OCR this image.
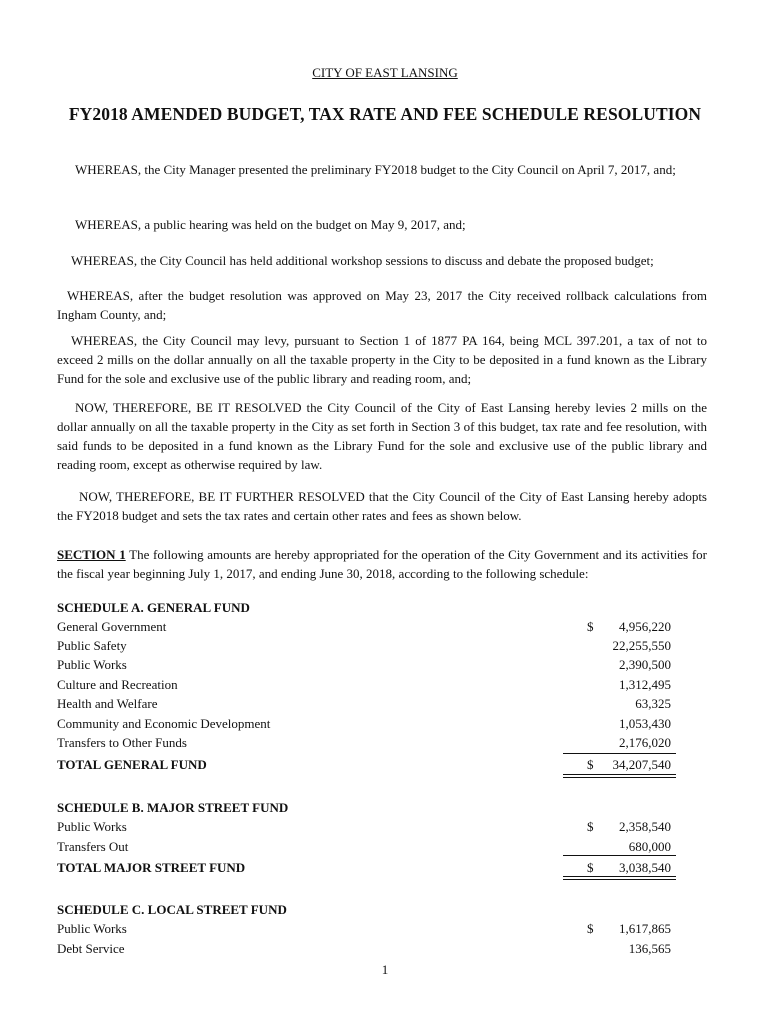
CITY OF EAST LANSING
FY2018 AMENDED BUDGET, TAX RATE AND FEE SCHEDULE RESOLUTION
WHEREAS, the City Manager presented the preliminary FY2018 budget to the City Council on April 7, 2017, and;
WHEREAS, a public hearing was held on the budget on May 9, 2017, and;
WHEREAS, the City Council has held additional workshop sessions to discuss and debate the proposed budget;
WHEREAS, after the budget resolution was approved on May 23, 2017 the City received rollback calculations from Ingham County, and;
WHEREAS, the City Council may levy, pursuant to Section 1 of 1877 PA 164, being MCL 397.201, a tax of not to exceed 2 mills on the dollar annually on all the taxable property in the City to be deposited in a fund known as the Library Fund for the sole and exclusive use of the public library and reading room, and;
NOW, THEREFORE, BE IT RESOLVED the City Council of the City of East Lansing hereby levies 2 mills on the dollar annually on all the taxable property in the City as set forth in Section 3 of this budget, tax rate and fee resolution, with said funds to be deposited in a fund known as the Library Fund for the sole and exclusive use of the public library and reading room, except as otherwise required by law.
NOW, THEREFORE, BE IT FURTHER RESOLVED that the City Council of the City of East Lansing hereby adopts the FY2018 budget and sets the tax rates and certain other rates and fees as shown below.
SECTION 1 The following amounts are hereby appropriated for the operation of the City Government and its activities for the fiscal year beginning July 1, 2017, and ending June 30, 2018, according to the following schedule:
SCHEDULE A. GENERAL FUND
General Government	$ 4,956,220
Public Safety	22,255,550
Public Works	2,390,500
Culture and Recreation	1,312,495
Health and Welfare	63,325
Community and Economic Development	1,053,430
Transfers to Other Funds	2,176,020
TOTAL GENERAL FUND	$ 34,207,540
SCHEDULE B. MAJOR STREET FUND
Public Works	$ 2,358,540
Transfers Out	680,000
TOTAL MAJOR STREET FUND	$ 3,038,540
SCHEDULE C. LOCAL STREET FUND
Public Works	$ 1,617,865
Debt Service	136,565
1
